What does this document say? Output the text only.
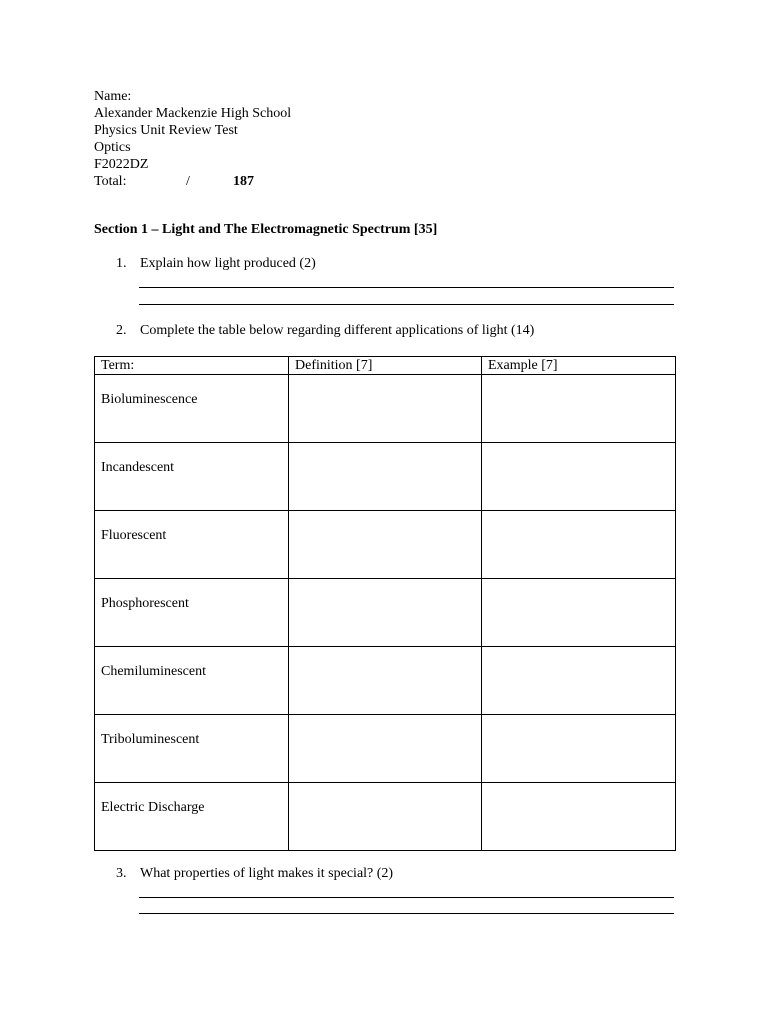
Name:
Alexander Mackenzie High School
Physics Unit Review Test
Optics
F2022DZ
Total:	/	187
Section 1 – Light and The Electromagnetic Spectrum [35]
1. Explain how light produced (2)
2. Complete the table below regarding different applications of light (14)
Term:	Definition [7]	Example [7]
Bioluminescence		
Incandescent		
Fluorescent		
Phosphorescent		
Chemiluminescent		
Triboluminescent		
Electric Discharge		
3. What properties of light makes it special? (2)
